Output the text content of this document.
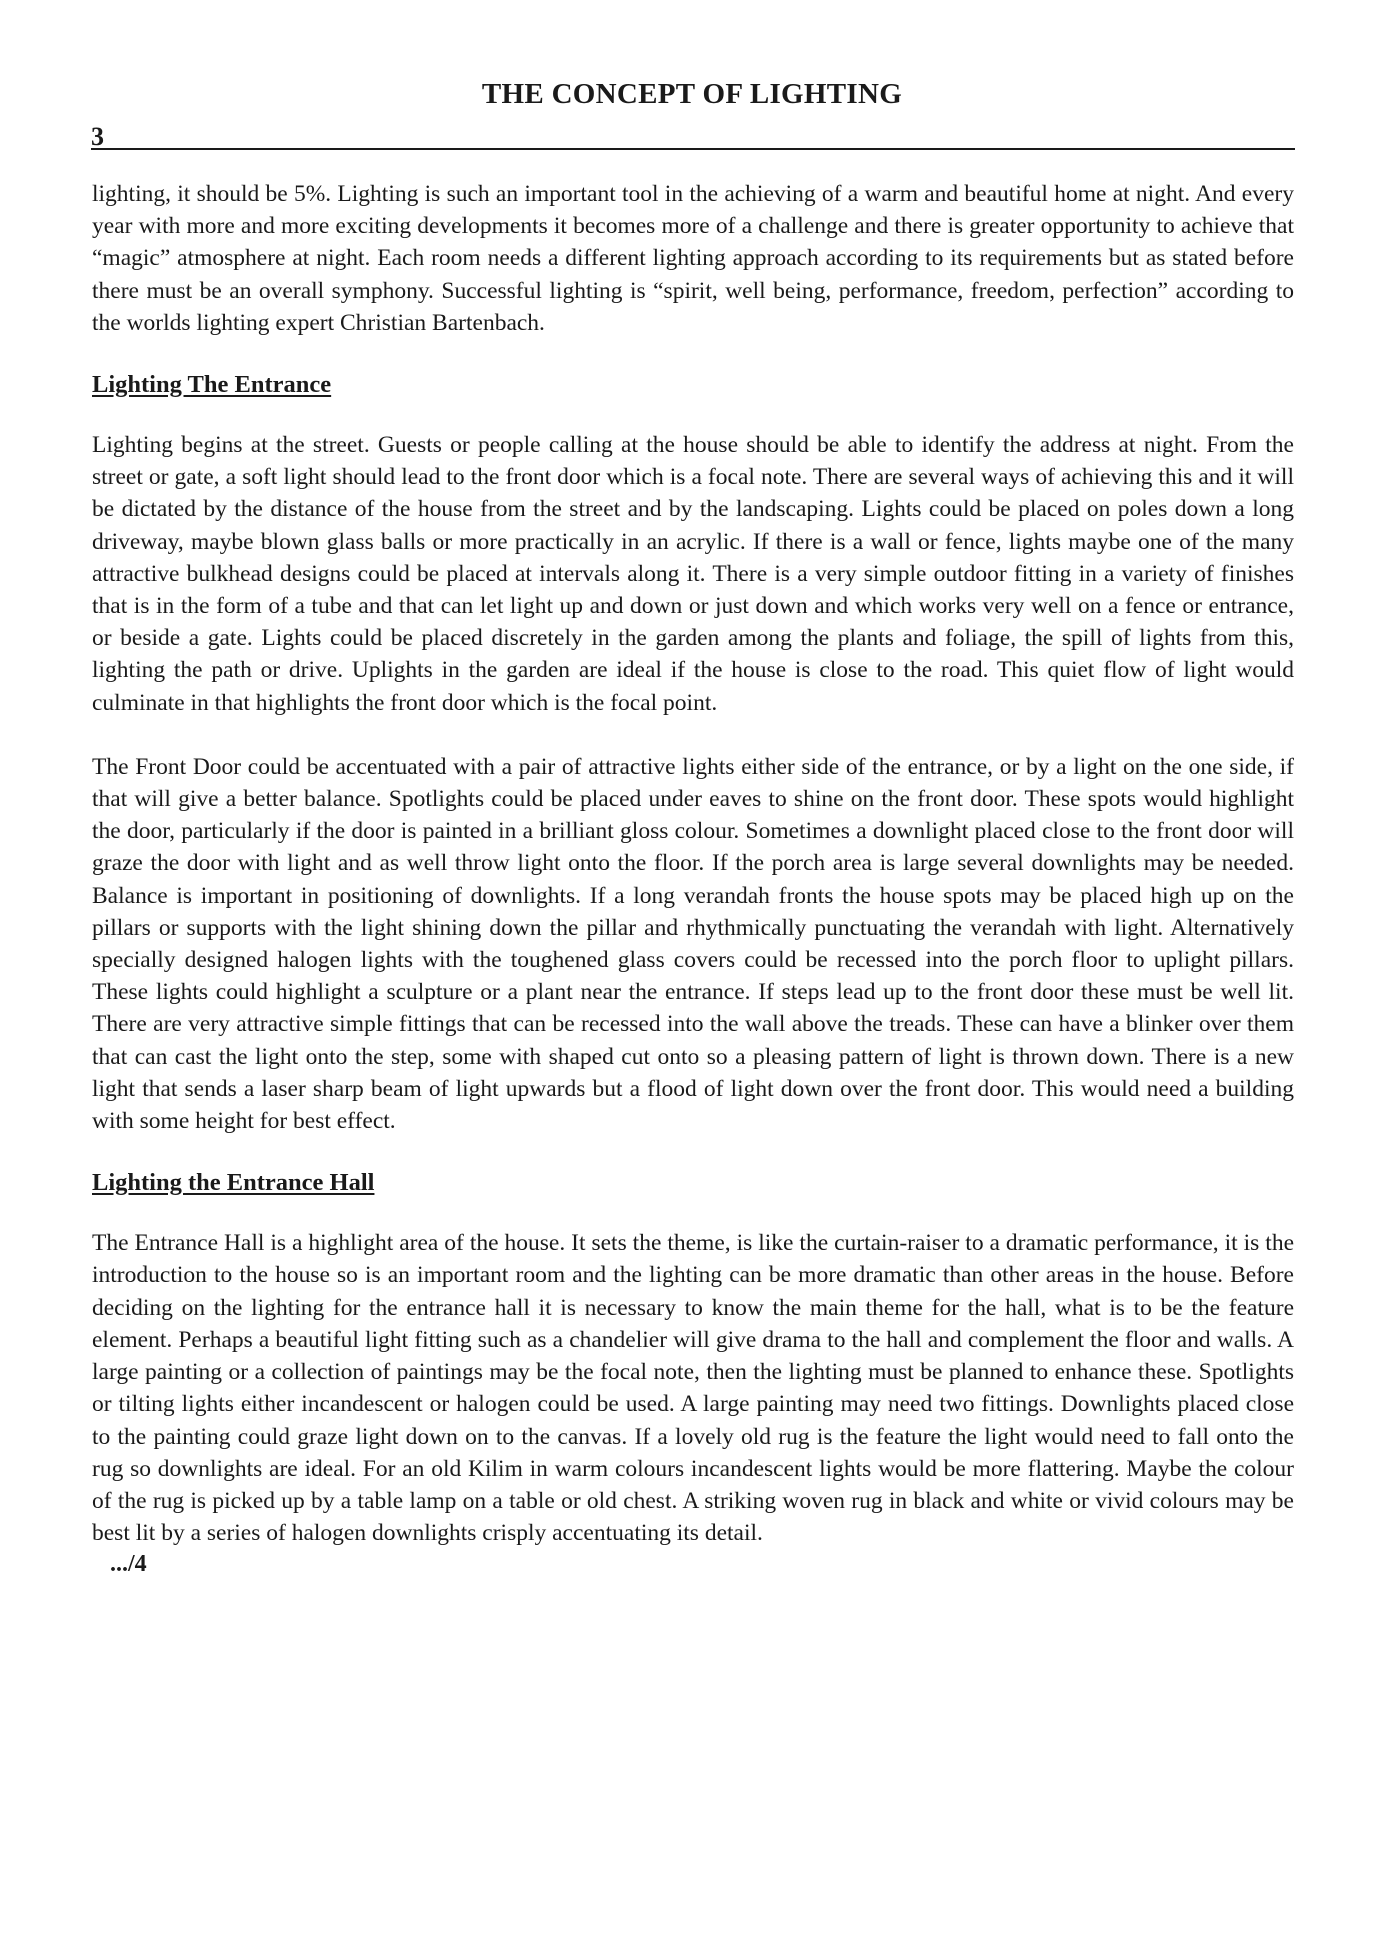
THE CONCEPT OF LIGHTING
3

lighting, it should be 5%. Lighting is such an important tool in the achieving of a warm and beautiful home at night. And every year with more and more exciting developments it becomes more of a challenge and there is greater opportunity to achieve that “magic” atmosphere at night. Each room needs a different lighting approach according to its requirements but as stated before there must be an overall symphony. Successful lighting is “spirit, well being, performance, freedom, perfection” according to the worlds lighting expert Christian Bartenbach.

Lighting The Entrance

Lighting begins at the street. Guests or people calling at the house should be able to identify the address at night. From the street or gate, a soft light should lead to the front door which is a focal note. There are several ways of achieving this and it will be dictated by the distance of the house from the street and by the landscaping. Lights could be placed on poles down a long driveway, maybe blown glass balls or more practically in an acrylic. If there is a wall or fence, lights maybe one of the many attractive bulkhead designs could be placed at intervals along it. There is a very simple outdoor fitting in a variety of finishes that is in the form of a tube and that can let light up and down or just down and which works very well on a fence or entrance, or beside a gate. Lights could be placed discretely in the garden among the plants and foliage, the spill of lights from this, lighting the path or drive. Uplights in the garden are ideal if the house is close to the road. This quiet flow of light would culminate in that highlights the front door which is the focal point.

The Front Door could be accentuated with a pair of attractive lights either side of the entrance, or by a light on the one side, if that will give a better balance. Spotlights could be placed under eaves to shine on the front door. These spots would highlight the door, particularly if the door is painted in a brilliant gloss colour. Sometimes a downlight placed close to the front door will graze the door with light and as well throw light onto the floor. If the porch area is large several downlights may be needed. Balance is important in positioning of downlights. If a long verandah fronts the house spots may be placed high up on the pillars or supports with the light shining down the pillar and rhythmically punctuating the verandah with light. Alternatively specially designed halogen lights with the toughened glass covers could be recessed into the porch floor to uplight pillars. These lights could highlight a sculpture or a plant near the entrance. If steps lead up to the front door these must be well lit. There are very attractive simple fittings that can be recessed into the wall above the treads. These can have a blinker over them that can cast the light onto the step, some with shaped cut onto so a pleasing pattern of light is thrown down. There is a new light that sends a laser sharp beam of light upwards but a flood of light down over the front door. This would need a building with some height for best effect.

Lighting the Entrance Hall

The Entrance Hall is a highlight area of the house. It sets the theme, is like the curtain-raiser to a dramatic performance, it is the introduction to the house so is an important room and the lighting can be more dramatic than other areas in the house. Before deciding on the lighting for the entrance hall it is necessary to know the main theme for the hall, what is to be the feature element. Perhaps a beautiful light fitting such as a chandelier will give drama to the hall and complement the floor and walls. A large painting or a collection of paintings may be the focal note, then the lighting must be planned to enhance these. Spotlights or tilting lights either incandescent or halogen could be used. A large painting may need two fittings. Downlights placed close to the painting could graze light down on to the canvas. If a lovely old rug is the feature the light would need to fall onto the rug so downlights are ideal. For an old Kilim in warm colours incandescent lights would be more flattering. Maybe the colour of the rug is picked up by a table lamp on a table or old chest. A striking woven rug in black and white or vivid colours may be best lit by a series of halogen downlights crisply accentuating its detail.

.../4
